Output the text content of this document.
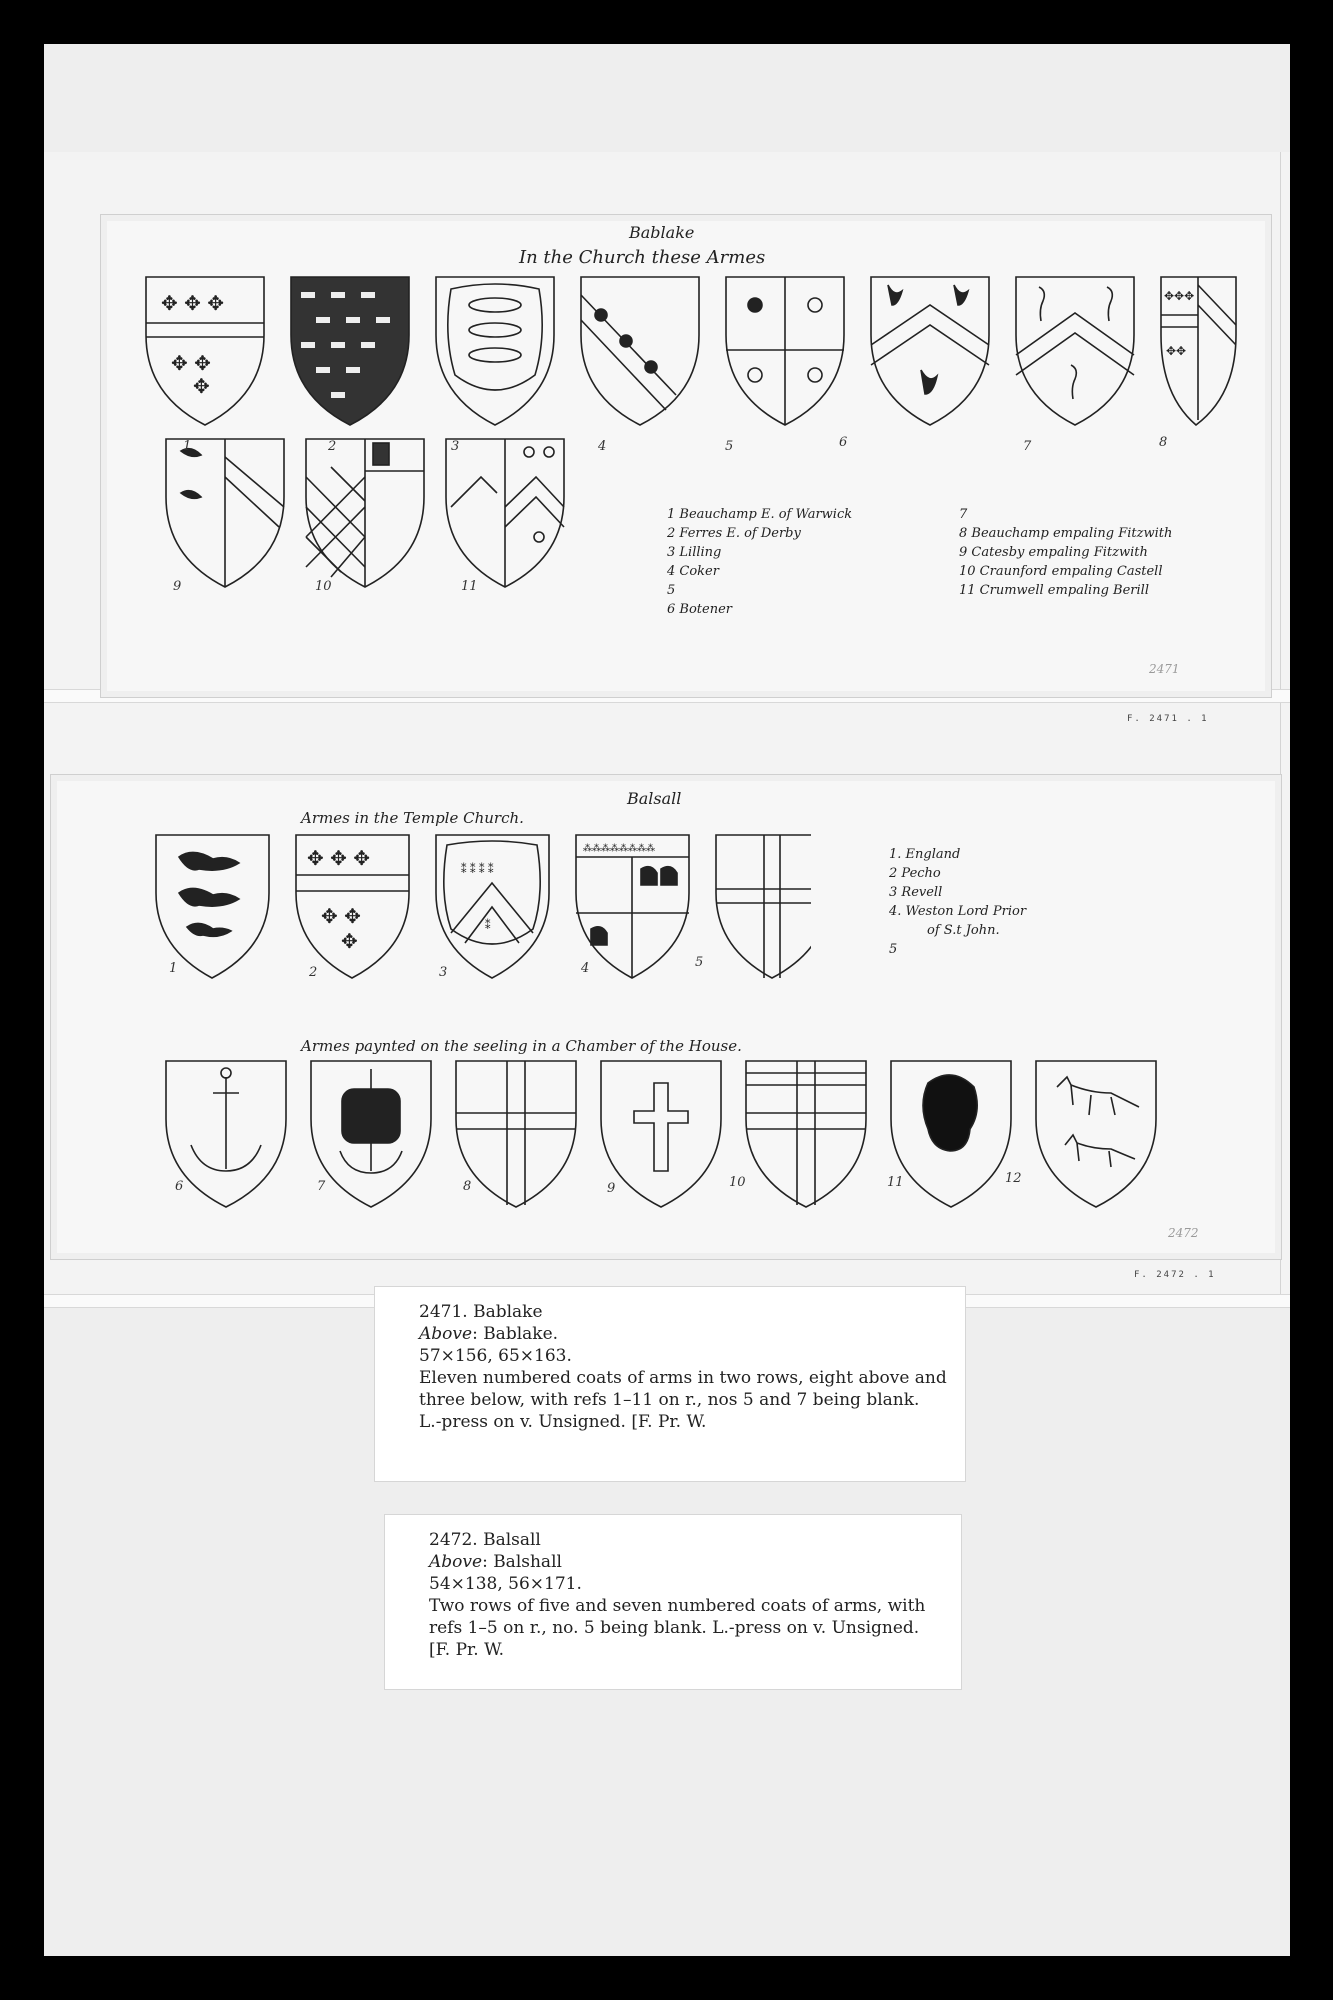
Bablake
In the Church these Armes
✥ ✥ ✥
✥ ✥
✥
✥✥✥
✥✥
1	2	3	4	5	6	7	8
9	10	11
1 Beauchamp E. of Warwick
2 Ferres E. of Derby
3 Lilling
4 Coker
5
6 Botener
7
8 Beauchamp empaling Fitzwith
9 Catesby empaling Fitzwith
10 Craunford empaling Castell
11 Crumwell empaling Berill
2471
F. 2471 . 1
Balsall
Armes in the Temple Church.
Armes paynted on the seeling in a Chamber of the House.
✥ ✥ ✥
✥ ✥
✥
⁑ ⁑ ⁑ ⁑
⁑
⁂⁂⁂⁂⁂⁂⁂⁂
1	2	3	4	5
1. England
2 Pecho
3 Revell
4. Weston Lord Prior
of S.t John.
5
6	7	8	9	10	11	12
2472
F. 2472 . 1
2471. Bablake
Above: Bablake.
57×156, 65×163.
Eleven numbered coats of arms in two rows, eight above and three below, with refs 1–11 on r., nos 5 and 7 being blank. L.-press on v. Unsigned. [F. Pr. W.
2472. Balsall
Above: Balshall
54×138, 56×171.
Two rows of five and seven numbered coats of arms, with refs 1–5 on r., no. 5 being blank. L.-press on v. Unsigned. [F. Pr. W.
